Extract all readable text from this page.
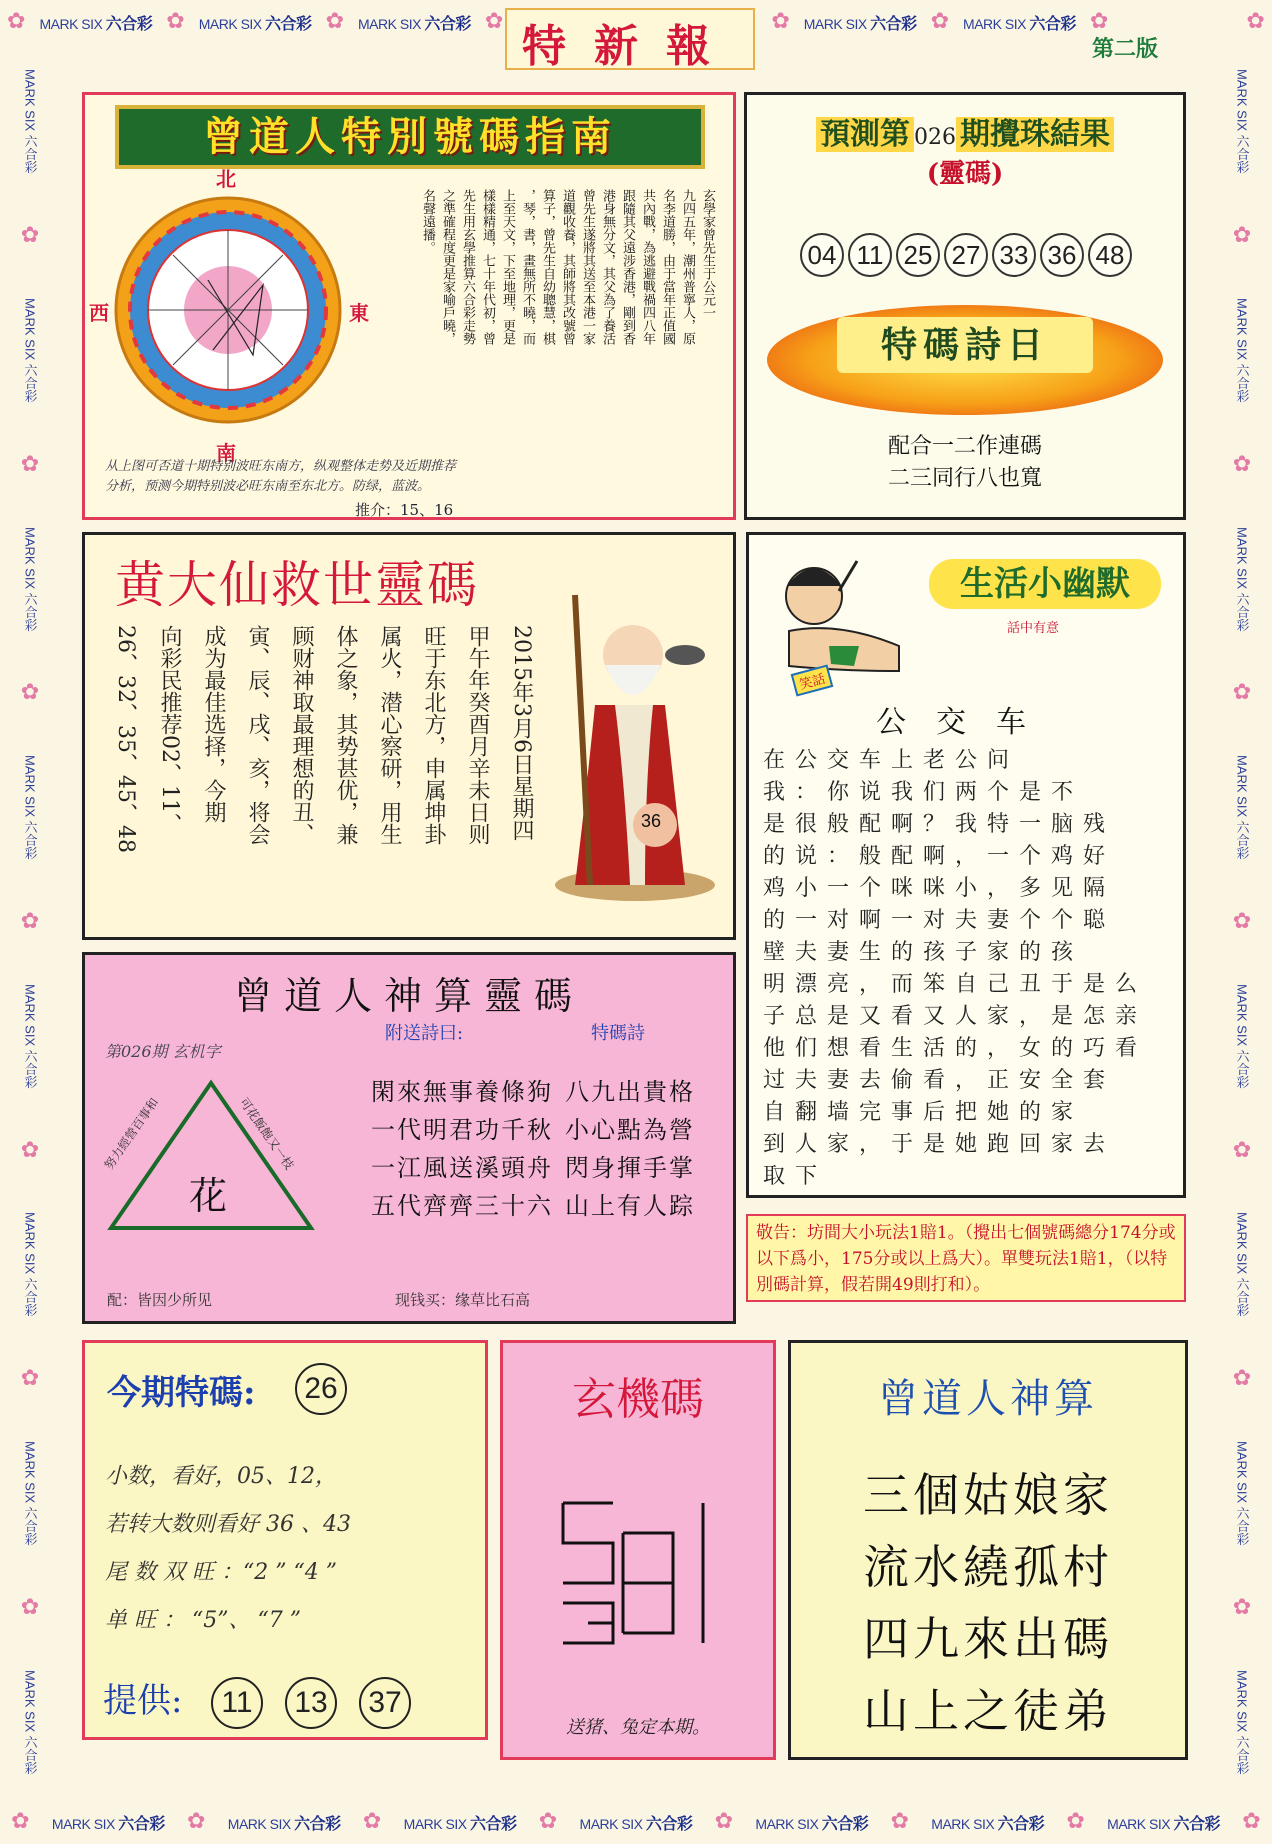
✿ MARK SIX 六合彩 ✿ MARK SIX 六合彩 ✿ MARK SIX 六合彩 ✿	✿ MARK SIX 六合彩 ✿ MARK SIX 六合彩 ✿	✿
特新報	第二版
✿ MARK SIX 六合彩 ✿ MARK SIX 六合彩 ✿ MARK SIX 六合彩 ✿ MARK SIX 六合彩 ✿ MARK SIX 六合彩 ✿ MARK SIX 六合彩 ✿ MARK SIX 六合彩 ✿
MARK SIX 六合彩
✿
MARK SIX 六合彩
✿
MARK SIX 六合彩
✿
MARK SIX 六合彩
✿
MARK SIX 六合彩
✿
MARK SIX 六合彩
✿
MARK SIX 六合彩
✿
MARK SIX 六合彩
MARK SIX 六合彩
✿
MARK SIX 六合彩
✿
MARK SIX 六合彩
✿
MARK SIX 六合彩
✿
MARK SIX 六合彩
✿
MARK SIX 六合彩
✿
MARK SIX 六合彩
✿
MARK SIX 六合彩
曾道人特別號碼指南
北
南
西	東	玄學家曾先生于公元一
九四五年，潮州普寧人，原
名李道勝，由于當年正值國
共內戰，為逃避戰禍四八年
跟隨其父遠涉香港，剛到香
港身無分文，其父為了養活
曾先生遂將其送至本港一家
道觀收養，其師將其改號曾
算子，曾先生自幼聰慧，棋
，琴，書，畫無所不曉，而
上至天文，下至地理，更是
樣樣精通，七十年代初，曾
先生用玄學推算六合彩走勢
之準確程度更是家喻戶曉，
名聲遠播。
从上图可否道十期特别波旺东南方，纵观整体走势及近期推荐
分析，预测今期特别波必旺东南至东北方。防绿，蓝波。
推介：15、16
預測第 026 期攪珠結果
(靈碼)
04 11 25 27 33 36 48
特碼詩日
配合一二作連碼
二三同行八也寬
黄大仙救世靈碼
36
2015年3月6日星期四
甲午年癸酉月辛未日则
旺于东北方，申属坤卦
属火，潜心察研，用生
体之象，其势甚优，兼
顾财神取最理想的丑、
寅、辰、戌、亥，将会
成为最佳选择，今期
向彩民推荐02、11、
26、32、35、45、48	笑話
生活小幽默
話中有意
公交车
在公交车上老公问
我：你说我们两个是不
是很般配啊？我特一脑残
的说：般配啊，一个鸡好
鸡小一个咪咪小，多见隔
的一对啊一对夫妻个个聪
壁夫妻生的孩子家的孩
明漂亮，而笨自己丑于是么
子总是又看又人家，是怎亲
他们想看生活的，女的巧看
过夫妻去偷看，正安全套
自翻墙完事后把她的家
到人家，于是她跑回家去
取下
敬告：坊間大小玩法1賠1。（攪出七個號碼總分174分或以下爲小，175分或以上爲大）。單雙玩法1賠1，（以特別碼計算，假若開49則打和）。
曾道人神算靈碼
附送詩曰:	特碼詩
第026期 玄机字
花
努力經營百事和	可花飯飽又一枝
閑來無事養條狗
一代明君功千秋
一江風送溪頭舟
五代齊齊三十六
八九出貴格
小心點為營
閃身揮手掌
山上有人踪
配：皆因少所见	现钱买：缘草比石高
今期特碼:	26
小数，看好，05、12，
若转大数则看好 36 、43
尾 数 双 旺 ：“2 ” “4 ”
单 旺 ： “5”、 “7 ”
提供:	11	13	37
玄機碼
送猪、兔定本期。
曾道人神算
三個姑娘家
流水繞孤村
四九來出碼
山上之徒弟
